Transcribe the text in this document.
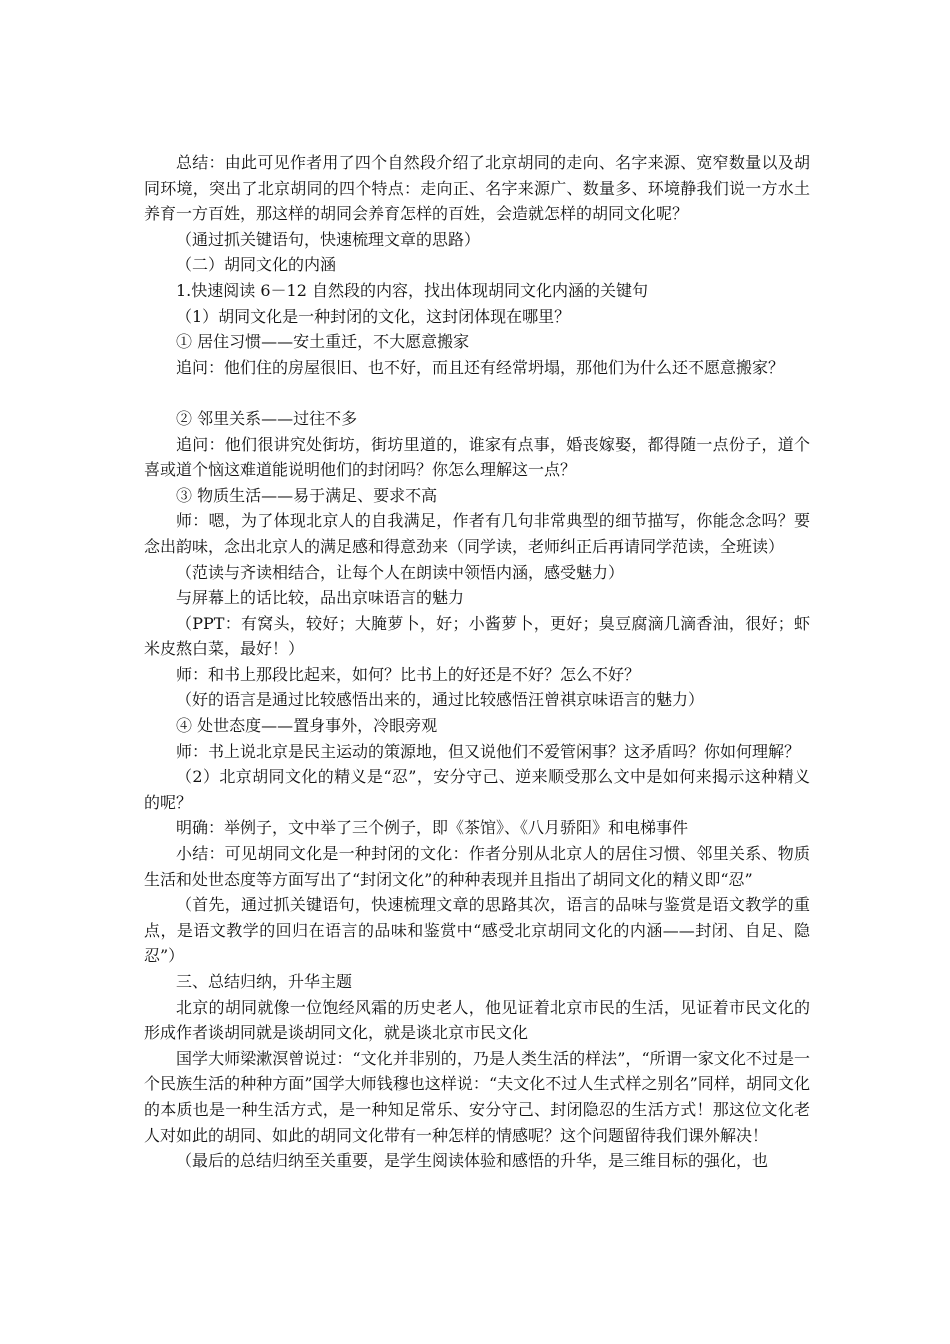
总结：由此可见作者用了四个自然段介绍了北京胡同的走向、名字来源、宽窄数量以及胡同环境，突出了北京胡同的四个特点：走向正、名字来源广、数量多、环境静我们说一方水土养育一方百姓，那这样的胡同会养育怎样的百姓，会造就怎样的胡同文化呢？

（通过抓关键语句，快速梳理文章的思路）

（二）胡同文化的内涵

1.快速阅读 6－12 自然段的内容，找出体现胡同文化内涵的关键句

（1）胡同文化是一种封闭的文化，这封闭体现在哪里？

① 居住习惯——安土重迁，不大愿意搬家

追问：他们住的房屋很旧、也不好，而且还有经常坍塌，那他们为什么还不愿意搬家？

② 邻里关系——过往不多

追问：他们很讲究处街坊，街坊里道的，谁家有点事，婚丧嫁娶，都得随一点份子，道个喜或道个恼这难道能说明他们的封闭吗？你怎么理解这一点？

③ 物质生活——易于满足、要求不高

师：嗯，为了体现北京人的自我满足，作者有几句非常典型的细节描写，你能念念吗？要念出韵味，念出北京人的满足感和得意劲来（同学读，老师纠正后再请同学范读，全班读）

（范读与齐读相结合，让每个人在朗读中领悟内涵，感受魅力）

与屏幕上的话比较，品出京味语言的魅力

（PPT：有窝头，较好；大腌萝卜，好；小酱萝卜，更好；臭豆腐滴几滴香油，很好；虾米皮熬白菜，最好！）

师：和书上那段比起来，如何？比书上的好还是不好？怎么不好？

（好的语言是通过比较感悟出来的，通过比较感悟汪曾祺京味语言的魅力）

④ 处世态度——置身事外，冷眼旁观

师：书上说北京是民主运动的策源地，但又说他们不爱管闲事？这矛盾吗？你如何理解？

（2）北京胡同文化的精义是“忍”，安分守己、逆来顺受那么文中是如何来揭示这种精义的呢？

明确：举例子，文中举了三个例子，即《茶馆》、《八月骄阳》和电梯事件

小结：可见胡同文化是一种封闭的文化：作者分别从北京人的居住习惯、邻里关系、物质生活和处世态度等方面写出了“封闭文化”的种种表现并且指出了胡同文化的精义即“忍”

（首先，通过抓关键语句，快速梳理文章的思路其次，语言的品味与鉴赏是语文教学的重点，是语文教学的回归在语言的品味和鉴赏中“感受北京胡同文化的内涵——封闭、自足、隐忍”）

三、总结归纳，升华主题

北京的胡同就像一位饱经风霜的历史老人，他见证着北京市民的生活，见证着市民文化的形成作者谈胡同就是谈胡同文化，就是谈北京市民文化

国学大师梁漱溟曾说过：“文化并非别的，乃是人类生活的样法”，“所谓一家文化不过是一个民族生活的种种方面”国学大师钱穆也这样说：“夫文化不过人生式样之别名”同样，胡同文化的本质也是一种生活方式，是一种知足常乐、安分守己、封闭隐忍的生活方式！那这位文化老人对如此的胡同、如此的胡同文化带有一种怎样的情感呢？这个问题留待我们课外解决！

（最后的总结归纳至关重要，是学生阅读体验和感悟的升华，是三维目标的强化，也
